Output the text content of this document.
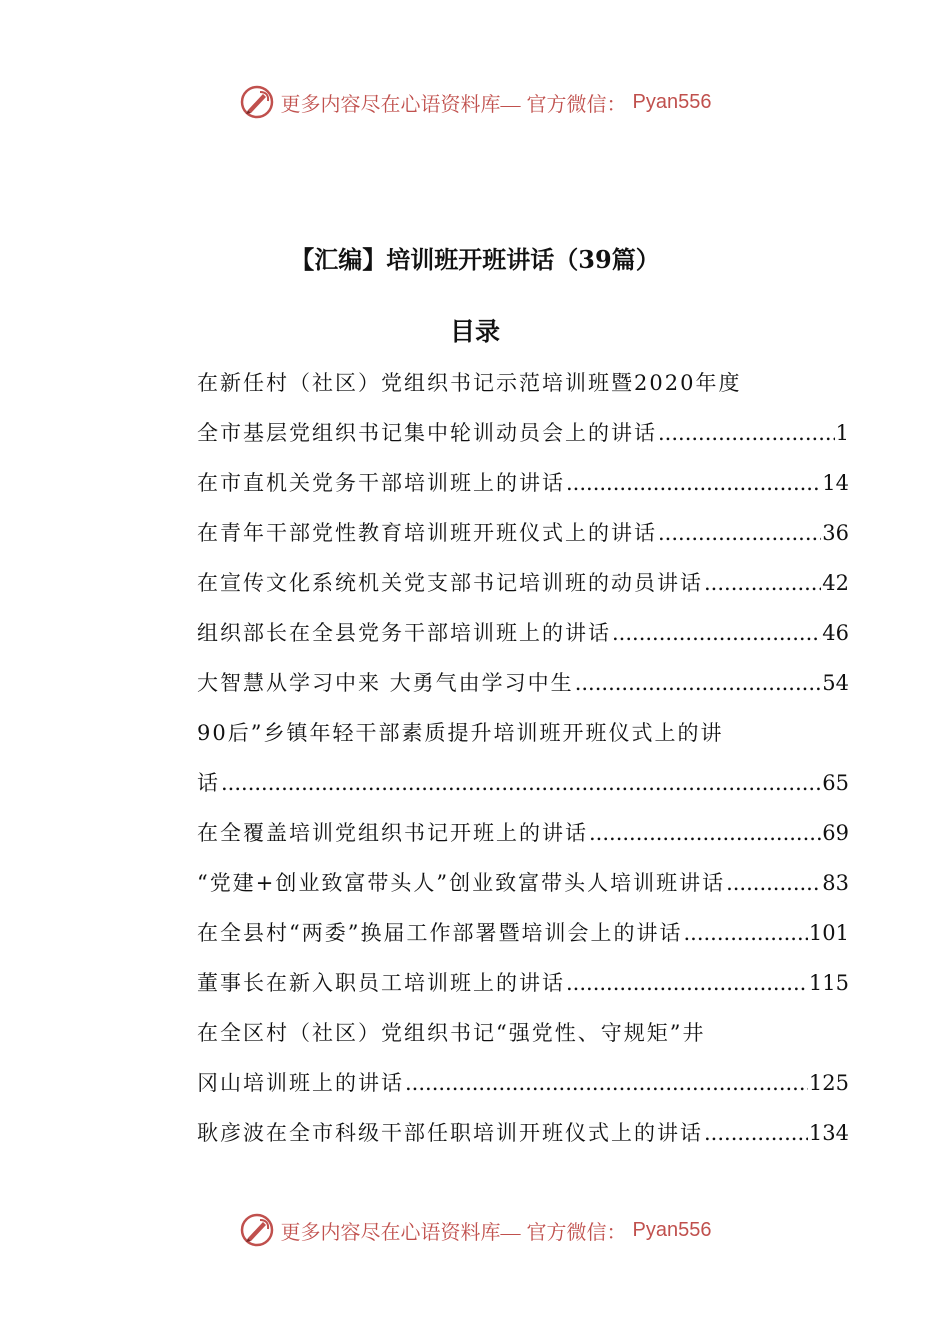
更多内容尽在心语资料库— 官方微信： Pyan556
【汇编】培训班开班讲话（39篇）
目录
在新任村（社区）党组织书记示范培训班暨2020年度
全市基层党组织书记集中轮训动员会上的讲话 .....	1
在市直机关党务干部培训班上的讲话 .....	14
在青年干部党性教育培训班开班仪式上的讲话 .....	36
在宣传文化系统机关党支部书记培训班的动员讲话 .....	42
组织部长在全县党务干部培训班上的讲话 .....	46
大智慧从学习中来 大勇气由学习中生 .....	54
90后”乡镇年轻干部素质提升培训班开班仪式上的讲
话 .....	65
在全覆盖培训党组织书记开班上的讲话 .....	69
“党建+创业致富带头人”创业致富带头人培训班讲话 .....	83
在全县村“两委”换届工作部署暨培训会上的讲话 .....	101
董事长在新入职员工培训班上的讲话 .....	115
在全区村（社区）党组织书记“强党性、守规矩”井
冈山培训班上的讲话 .....	125
耿彦波在全市科级干部任职培训开班仪式上的讲话 .....	134
更多内容尽在心语资料库— 官方微信： Pyan556
